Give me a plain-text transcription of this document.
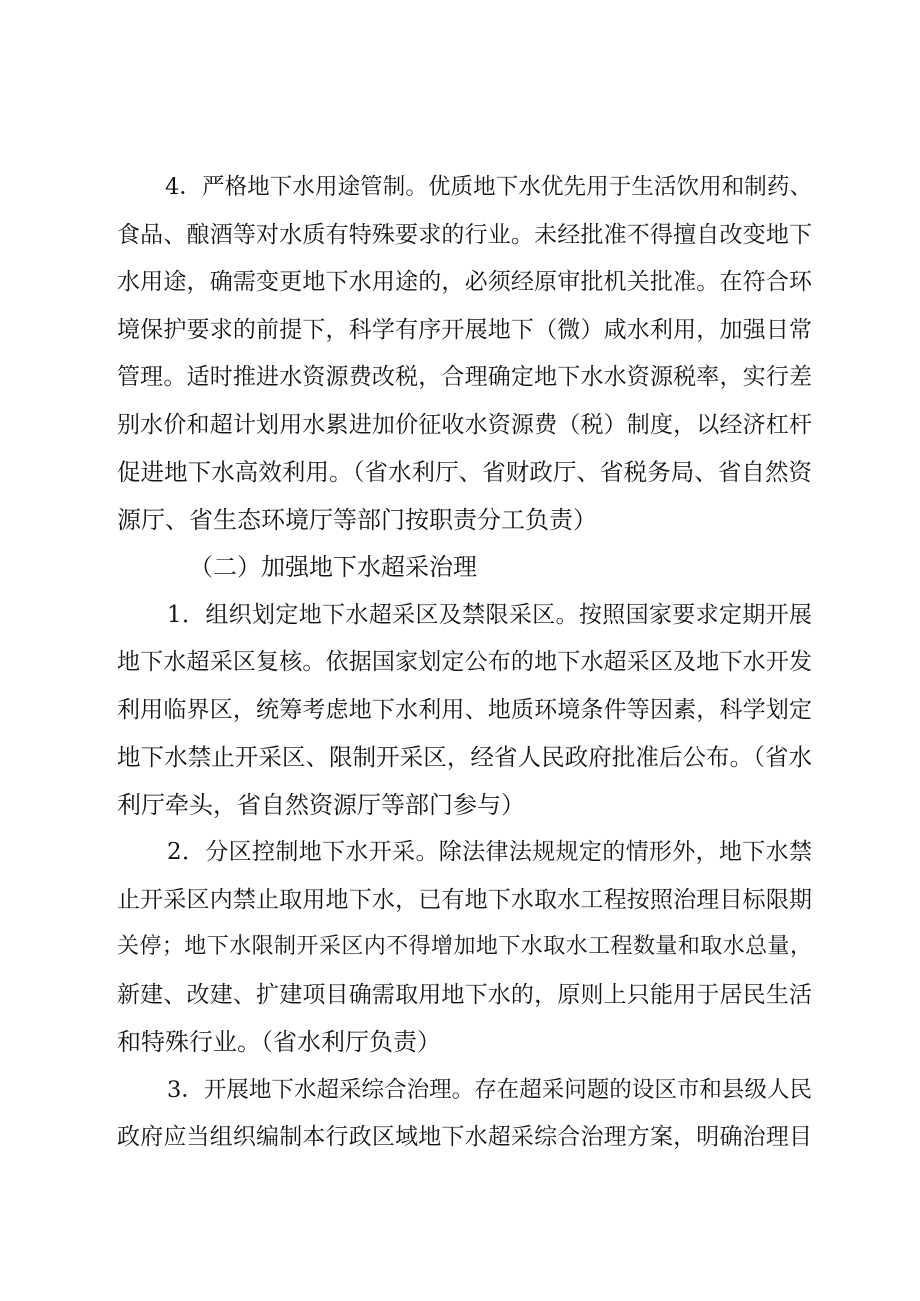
4．严格地下水用途管制。优质地下水优先用于生活饮用和制药、
食品、酿酒等对水质有特殊要求的行业。未经批准不得擅自改变地下
水用途，确需变更地下水用途的，必须经原审批机关批准。在符合环
境保护要求的前提下，科学有序开展地下（微）咸水利用，加强日常
管理。适时推进水资源费改税，合理确定地下水水资源税率，实行差
别水价和超计划用水累进加价征收水资源费（税）制度，以经济杠杆
促进地下水高效利用。（省水利厅、省财政厅、省税务局、省自然资
源厅、省生态环境厅等部门按职责分工负责）
（二）加强地下水超采治理
1．组织划定地下水超采区及禁限采区。按照国家要求定期开展
地下水超采区复核。依据国家划定公布的地下水超采区及地下水开发
利用临界区，统筹考虑地下水利用、地质环境条件等因素，科学划定
地下水禁止开采区、限制开采区，经省人民政府批准后公布。（省水
利厅牵头，省自然资源厅等部门参与）
2．分区控制地下水开采。除法律法规规定的情形外，地下水禁
止开采区内禁止取用地下水，已有地下水取水工程按照治理目标限期
关停；地下水限制开采区内不得增加地下水取水工程数量和取水总量，
新建、改建、扩建项目确需取用地下水的，原则上只能用于居民生活
和特殊行业。（省水利厅负责）
3．开展地下水超采综合治理。存在超采问题的设区市和县级人民
政府应当组织编制本行政区域地下水超采综合治理方案，明确治理目
